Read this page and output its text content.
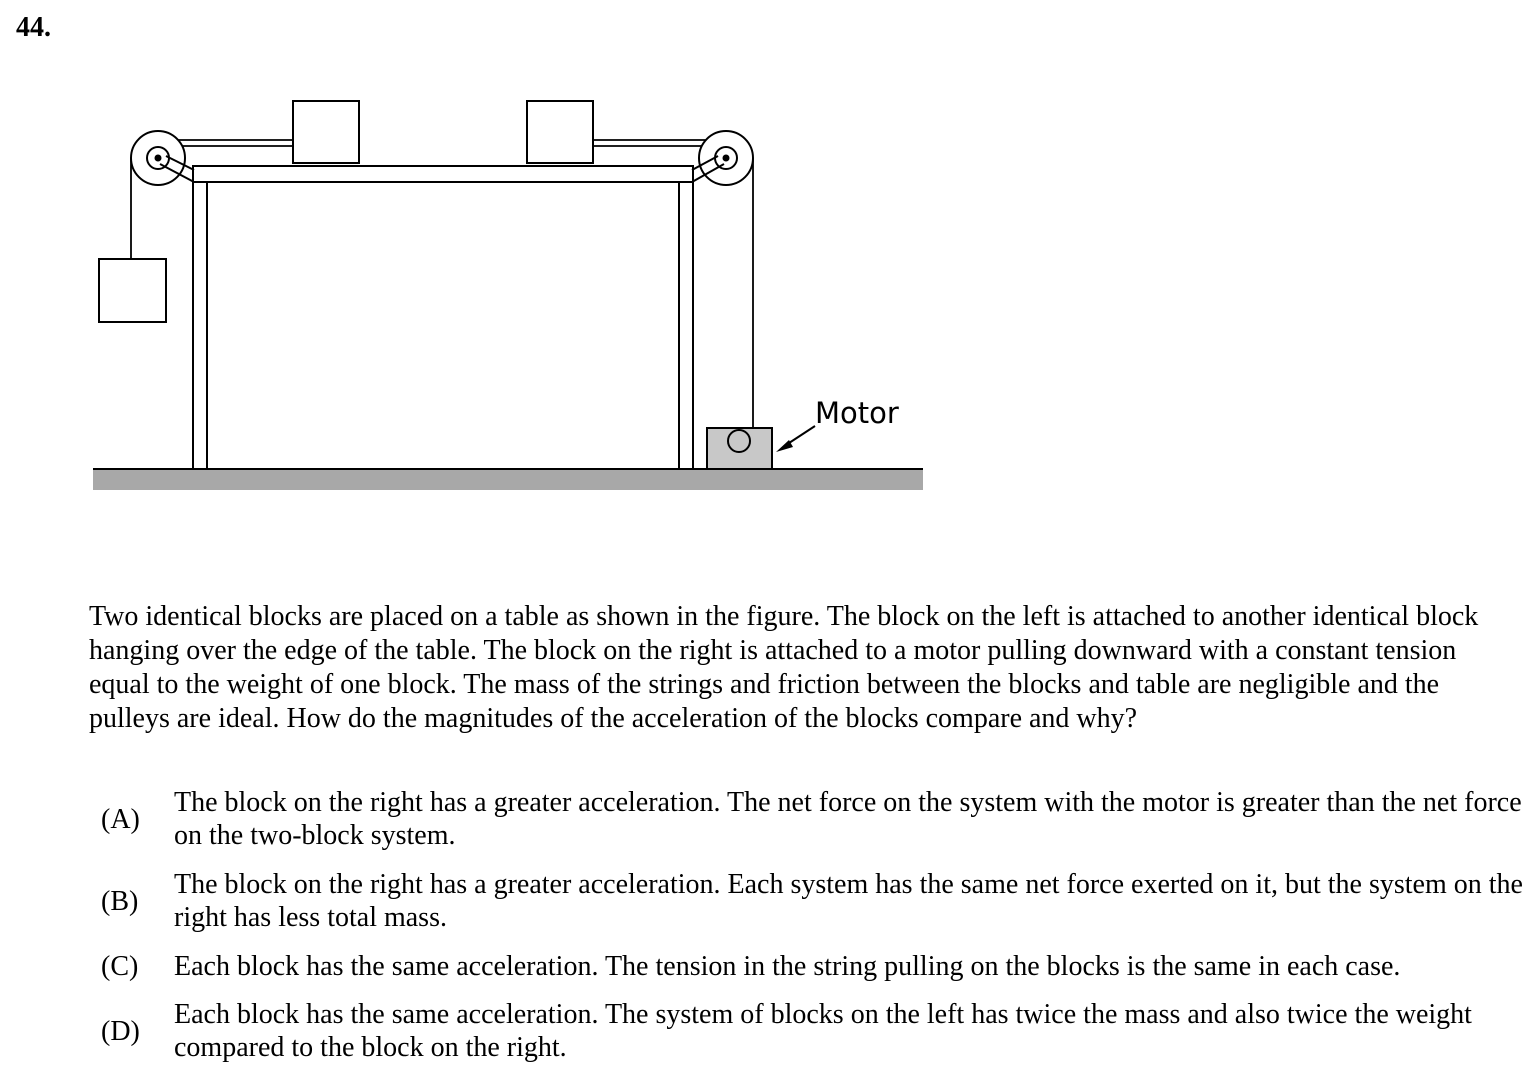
44.
Motor

Two identical blocks are placed on a table as shown in the figure. The block on the left is attached to another identical block hanging over the edge of the table. The block on the right is attached to a motor pulling downward with a constant tension equal to the weight of one block. The mass of the strings and friction between the blocks and table are negligible and the pulleys are ideal. How do the magnitudes of the acceleration of the blocks compare and why?

(A)
The block on the right has a greater acceleration. The net force on the system with the motor is greater than the net force on the two-block system.
(B)
The block on the right has a greater acceleration. Each system has the same net force exerted on it, but the system on the right has less total mass.
(C) Each block has the same acceleration. The tension in the string pulling on the blocks is the same in each case.
(D)
Each block has the same acceleration. The system of blocks on the left has twice the mass and also twice the weight compared to the block on the right.
